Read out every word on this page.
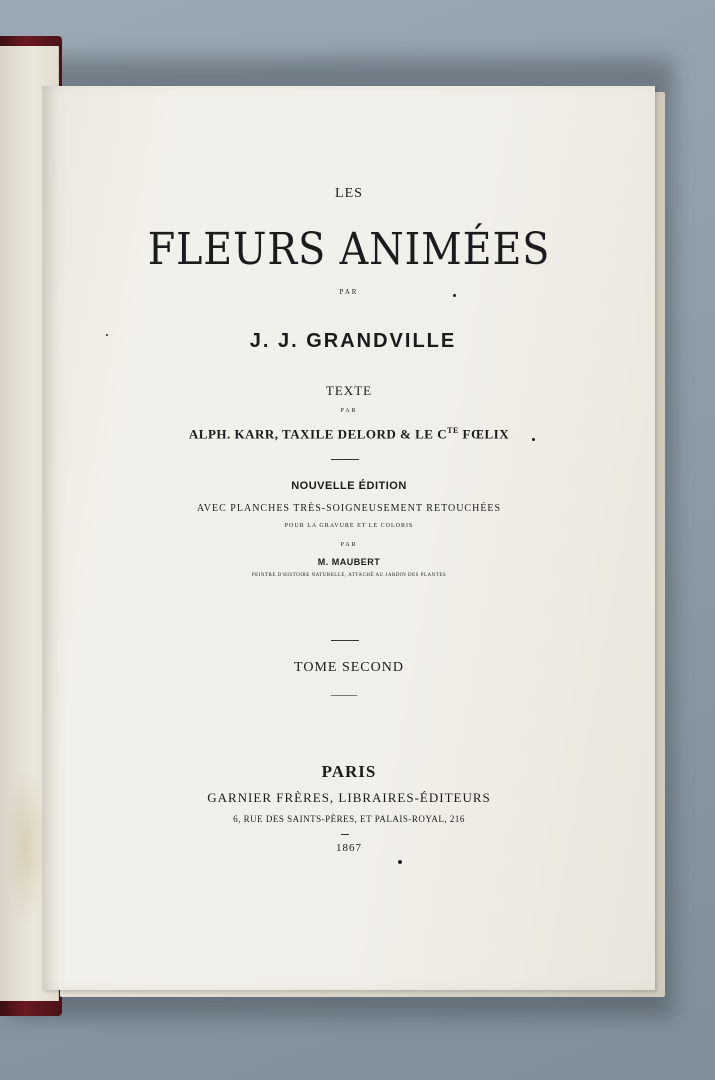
LES

FLEURS ANIMÉES

PAR

J. J. GRANDVILLE

TEXTE

PAR

ALPH. KARR, TAXILE DELORD & LE $C^{TE}$ FŒLIX

NOUVELLE ÉDITION

AVEC PLANCHES TRÈS-SOIGNEUSEMENT RETOUCHÉES

POUR LA GRAVURE ET LE COLORIS

PAR

M. MAUBERT

PEINTRE D'HISTOIRE NATURELLE, ATTACHÉ AU JARDIN DES PLANTES

TOME SECOND

PARIS

GARNIER FRÈRES, LIBRAIRES-ÉDITEURS

6, RUE DES SAINTS-PÈRES, ET PALAIS-ROYAL, 216

1867
